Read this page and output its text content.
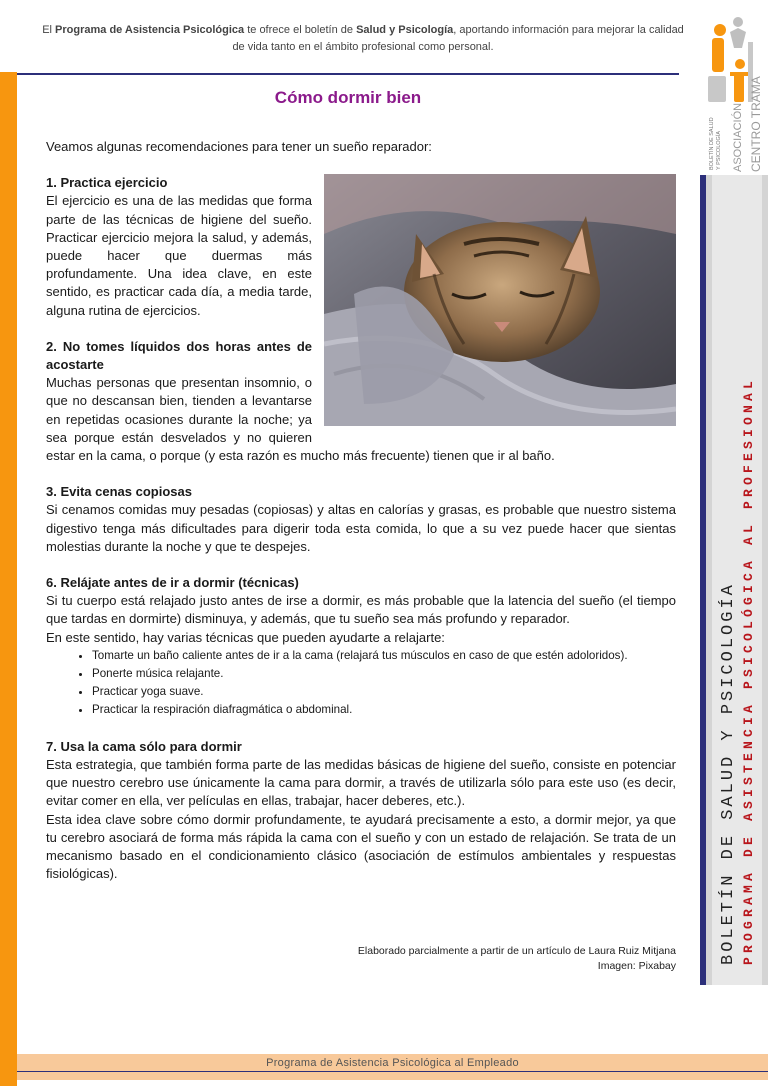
El Programa de Asistencia Psicológica te ofrece el boletín de Salud y Psicología, aportando información para mejorar la calidad de vida tanto en el ámbito profesional como personal.
BOLETÍN DE SALUD Y PSICOLOGÍA ASOCIACIÓN CENTRO TRAMA
Cómo dormir bien

Veamos algunas recomendaciones para tener un sueño reparador:

1. Practica ejercicio

El ejercicio es una de las medidas que forma parte de las técnicas de higiene del sueño. Practicar ejercicio mejora la salud, y además, puede hacer que duermas más profundamente. Una idea clave, en este sentido, es practicar cada día, a media tarde, alguna rutina de ejercicios.

2. No tomes líquidos dos horas antes de acostarte

Muchas personas que presentan insomnio, o que no descansan bien, tienden a levantarse en repetidas ocasiones durante la noche; ya sea porque están desvelados y no quieren estar en la cama, o porque (y esta razón es mucho más frecuente) tienen que ir al baño.

3. Evita cenas copiosas

Si cenamos comidas muy pesadas (copiosas) y altas en calorías y grasas, es probable que nuestro sistema digestivo tenga más dificultades para digerir toda esta comida, lo que a su vez puede hacer que sientas molestias durante la noche y que te despejes.

6. Relájate antes de ir a dormir (técnicas)

Si tu cuerpo está relajado justo antes de irse a dormir, es más probable que la latencia del sueño (el tiempo que tardas en dormirte) disminuya, y además, que tu sueño sea más profundo y reparador.

En este sentido, hay varias técnicas que pueden ayudarte a relajarte:

• Tomarte un baño caliente antes de ir a la cama (relajará tus músculos en caso de que estén adoloridos).
• Ponerte música relajante.
• Practicar yoga suave.
• Practicar la respiración diafragmática o abdominal.
7. Usa la cama sólo para dormir

Esta estrategia, que también forma parte de las medidas básicas de higiene del sueño, consiste en potenciar que nuestro cerebro use únicamente la cama para dormir, a través de utilizarla sólo para este uso (es decir, evitar comer en ella, ver películas en ellas, trabajar, hacer deberes, etc.).

Esta idea clave sobre cómo dormir profundamente, te ayudará precisamente a esto, a dormir mejor, ya que tu cerebro asociará de forma más rápida la cama con el sueño y con un estado de relajación. Se trata de un mecanismo basado en el condicionamiento clásico (asociación de estímulos ambientales y respuestas fisiológicas).

Elaborado parcialmente a partir de un artículo de Laura Ruiz Mitjana
Imagen: Pixabay
BOLETÍN DE SALUD Y PSICOLOGÍA PROGRAMA DE ASISTENCIA PSICOLÓGICA AL PROFESIONAL
Programa de Asistencia Psicológica al Empleado
